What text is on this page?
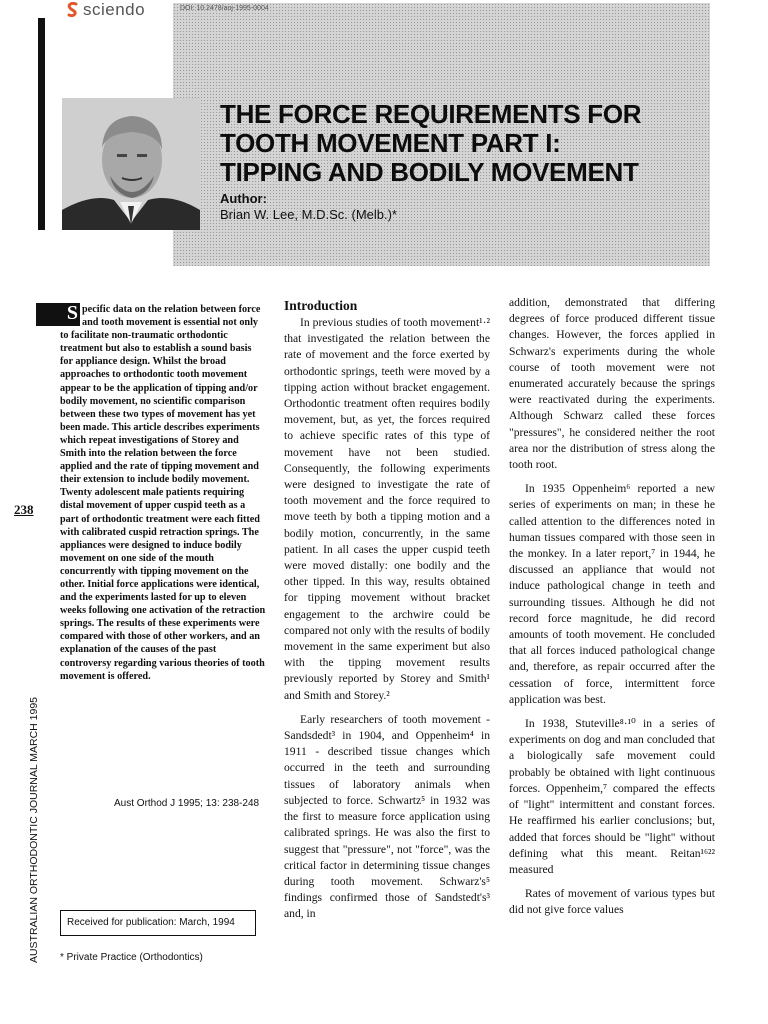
sciendo	DOI: 10.2478/aoj-1995-0004
THE FORCE REQUIREMENTS FOR
TOOTH MOVEMENT PART I:
TIPPING AND BODILY MOVEMENT
Author:
Brian W. Lee, M.D.Sc. (Melb.)*
238
AUSTRALIAN ORTHODONTIC JOURNAL MARCH 1995
S pecific data on the relation between force and tooth movement is essential not only to facilitate non-traumatic orthodontic treatment but also to establish a sound basis for appliance design. Whilst the broad approaches to orthodontic tooth movement appear to be the application of tipping and/or bodily movement, no scientific comparison between these two types of movement has yet been made. This article describes experiments which repeat investigations of Storey and Smith into the relation between the force applied and the rate of tipping movement and their extension to include bodily movement. Twenty adolescent male patients requiring distal movement of upper cuspid teeth as a part of orthodontic treatment were each fitted with calibrated cuspid retraction springs. The appliances were designed to induce bodily movement on one side of the mouth concurrently with tipping movement on the other. Initial force applications were identical, and the experiments lasted for up to eleven weeks following one activation of the retraction springs. The results of these experiments were compared with those of other workers, and an explanation of the causes of the past controversy regarding various theories of tooth movement is offered.
Aust Orthod J 1995; 13: 238-248
Received for publication: March, 1994
* Private Practice (Orthodontics)
Introduction

In previous studies of tooth movement¹·² that investigated the relation between the rate of movement and the force exerted by orthodontic springs, teeth were moved by a tipping action without bracket engagement. Orthodontic treatment often requires bodily movement, but, as yet, the forces required to achieve specific rates of this type of movement have not been studied. Consequently, the following experiments were designed to investigate the rate of tooth movement and the force required to move teeth by both a tipping motion and a bodily motion, concurrently, in the same patient. In all cases the upper cuspid teeth were moved distally: one bodily and the other tipped. In this way, results obtained for tipping movement without bracket engagement to the archwire could be compared not only with the results of bodily movement in the same experiment but also with the tipping movement results previously reported by Storey and Smith¹ and Smith and Storey.²

Early researchers of tooth movement - Sandsdedt³ in 1904, and Oppenheim⁴ in 1911 - described tissue changes which occurred in the teeth and surrounding tissues of laboratory animals when subjected to force. Schwartz⁵ in 1932 was the first to measure force application using calibrated springs. He was also the first to suggest that "pressure", not "force", was the critical factor in determining tissue changes during tooth movement. Schwarz's⁵ findings confirmed those of Sandstedt's³ and, in

addition, demonstrated that differing degrees of force produced different tissue changes. However, the forces applied in Schwarz's experiments during the whole course of tooth movement were not enumerated accurately because the springs were reactivated during the experiments. Although Schwarz called these forces "pressures", he considered neither the root area nor the distribution of stress along the tooth root.

In 1935 Oppenheim⁶ reported a new series of experiments on man; in these he called attention to the differences noted in human tissues compared with those seen in the monkey. In a later report,⁷ in 1944, he discussed an appliance that would not induce pathological change in teeth and surrounding tissues. Although he did not record force magnitude, he did record amounts of tooth movement. He concluded that all forces induced pathological change and, therefore, as repair occurred after the cessation of force, intermittent force application was best.

In 1938, Stuteville⁸·¹⁰ in a series of experiments on dog and man concluded that a biologically safe movement could probably be obtained with light continuous forces. Oppenheim,⁷ compared the effects of "light" intermittent and constant forces. He reaffirmed his earlier conclusions; but, added that forces should be "light" without defining what this meant. Reitan¹⁶²² measured

Rates of movement of various types but did not give force values
